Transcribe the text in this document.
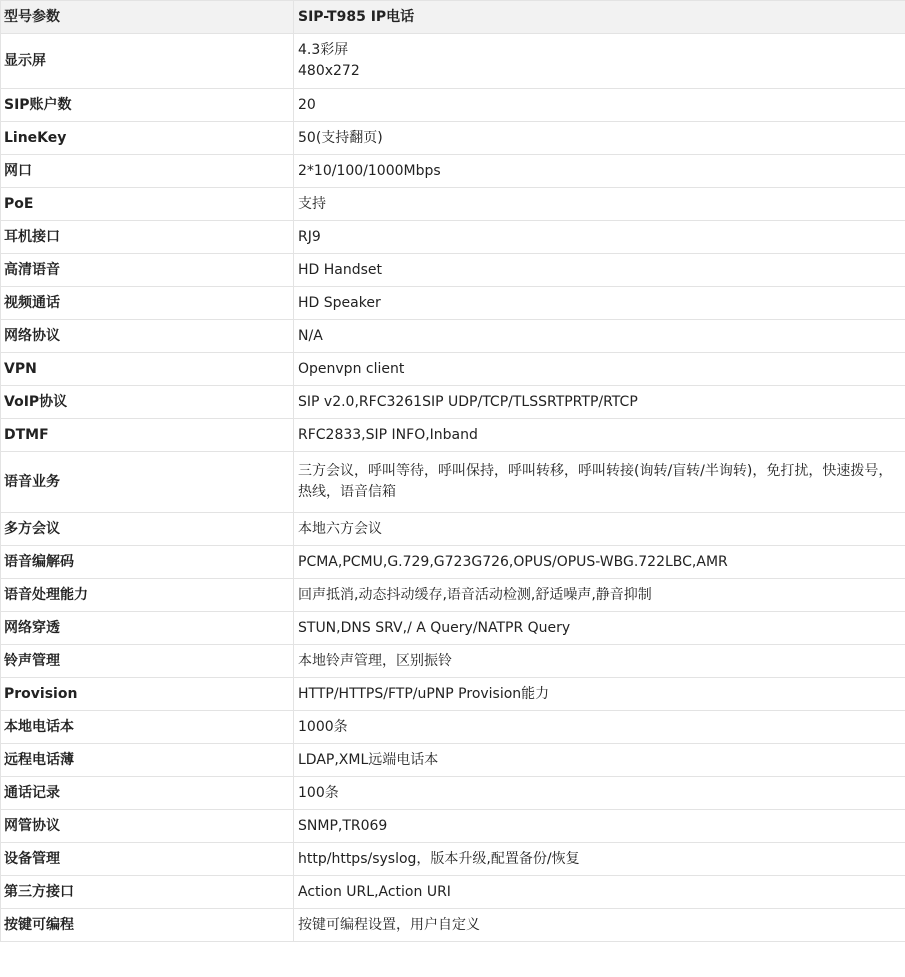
型号参数	SIP-T985 IP电话
显示屏	4.3彩屏
480x272

SIP账户数	20

LineKey	50(支持翻页)

网口	2*10/100/1000Mbps

PoE	支持

耳机接口	RJ9

高清语音	HD Handset

视频通话	HD Speaker

网络协议	N/A

VPN	Openvpn client

VoIP协议	SIP v2.0,RFC3261SIP UDP/TCP/TLSSRTPRTP/RTCP

DTMF	RFC2833,SIP INFO,Inband

语音业务	三方会议，呼叫等待，呼叫保持，呼叫转移，呼叫转接(询转/盲转/半询转)，免打扰，快速拨号，热线，语音信箱

多方会议	本地六方会议

语音编解码	PCMA,PCMU,G.729,G723G726,OPUS/OPUS-WBG.722LBC,AMR

语音处理能力	回声抵消,动态抖动缓存,语音活动检测,舒适噪声,静音抑制

网络穿透	STUN,DNS SRV,/ A Query/NATPR Query

铃声管理	本地铃声管理，区别振铃

Provision	HTTP/HTTPS/FTP/uPNP Provision能力

本地电话本	1000条

远程电话薄	LDAP,XML远端电话本

通话记录	100条

网管协议	SNMP,TR069

设备管理	http/https/syslog，版本升级,配置备份/恢复

第三方接口	Action URL,Action URI

按键可编程	按键可编程设置，用户自定义
